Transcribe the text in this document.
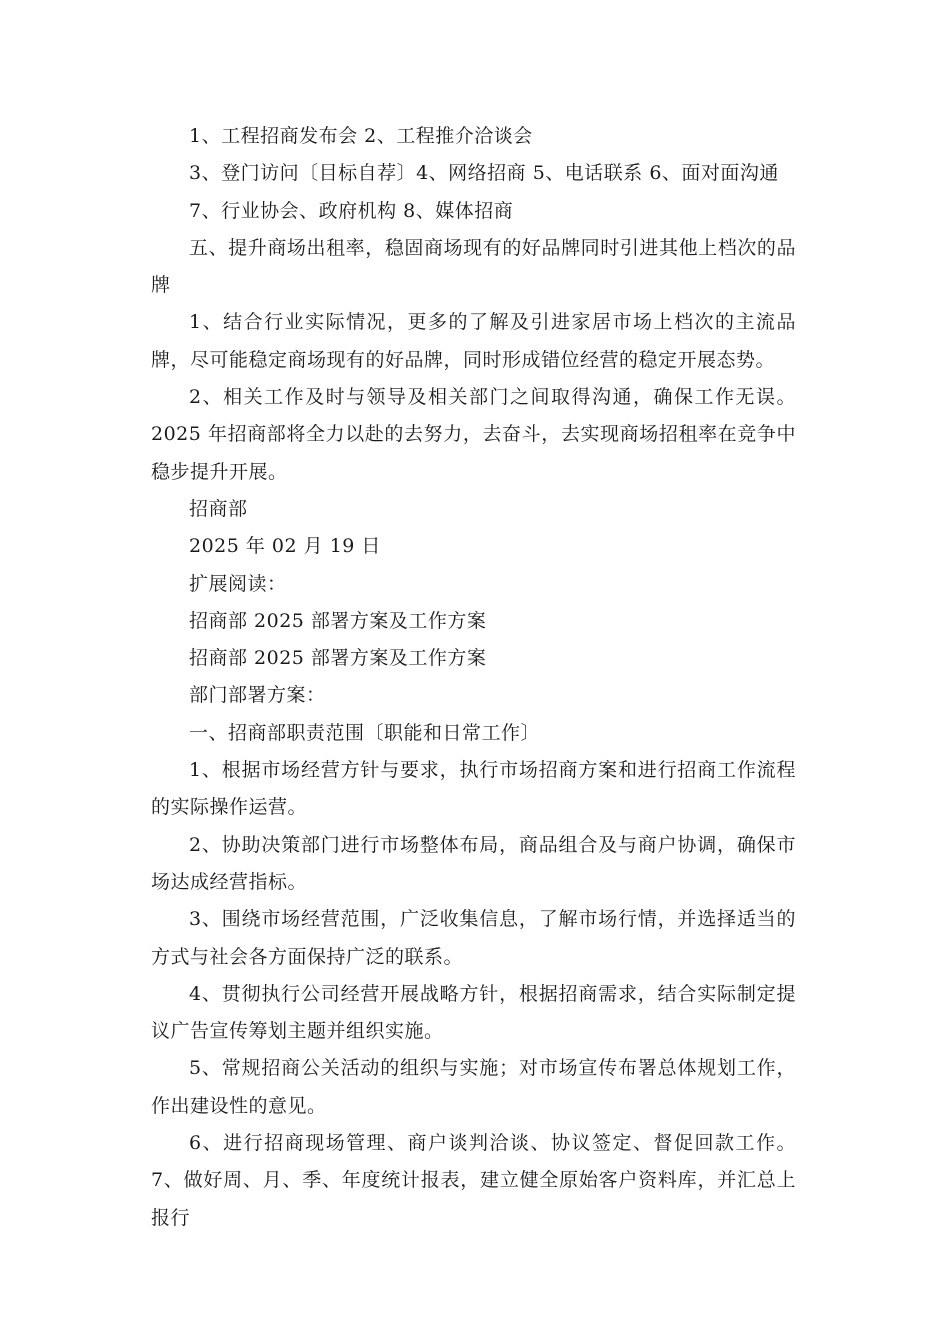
1、工程招商发布会 2、工程推介洽谈会

3、登门访问〔目标自荐〕4、网络招商 5、电话联系 6、面对面沟通

7、行业协会、政府机构 8、媒体招商

五、提升商场出租率，稳固商场现有的好品牌同时引进其他上档次的品牌

1、结合行业实际情况，更多的了解及引进家居市场上档次的主流品牌，尽可能稳定商场现有的好品牌，同时形成错位经营的稳定开展态势。

2、相关工作及时与领导及相关部门之间取得沟通，确保工作无误。2025 年招商部将全力以赴的去努力，去奋斗，去实现商场招租率在竞争中稳步提升开展。

招商部

2025 年 02 月 19 日

扩展阅读：

招商部 2025 部署方案及工作方案

招商部 2025 部署方案及工作方案

部门部署方案：

一、招商部职责范围〔职能和日常工作〕

1、根据市场经营方针与要求，执行市场招商方案和进行招商工作流程的实际操作运营。

2、协助决策部门进行市场整体布局，商品组合及与商户协调，确保市场达成经营指标。

3、围绕市场经营范围，广泛收集信息，了解市场行情，并选择适当的方式与社会各方面保持广泛的联系。

4、贯彻执行公司经营开展战略方针，根据招商需求，结合实际制定提议广告宣传筹划主题并组织实施。

5、常规招商公关活动的组织与实施；对市场宣传布署总体规划工作，作出建设性的意见。

6、进行招商现场管理、商户谈判洽谈、协议签定、督促回款工作。7、做好周、月、季、年度统计报表，建立健全原始客户资料库，并汇总上报行
